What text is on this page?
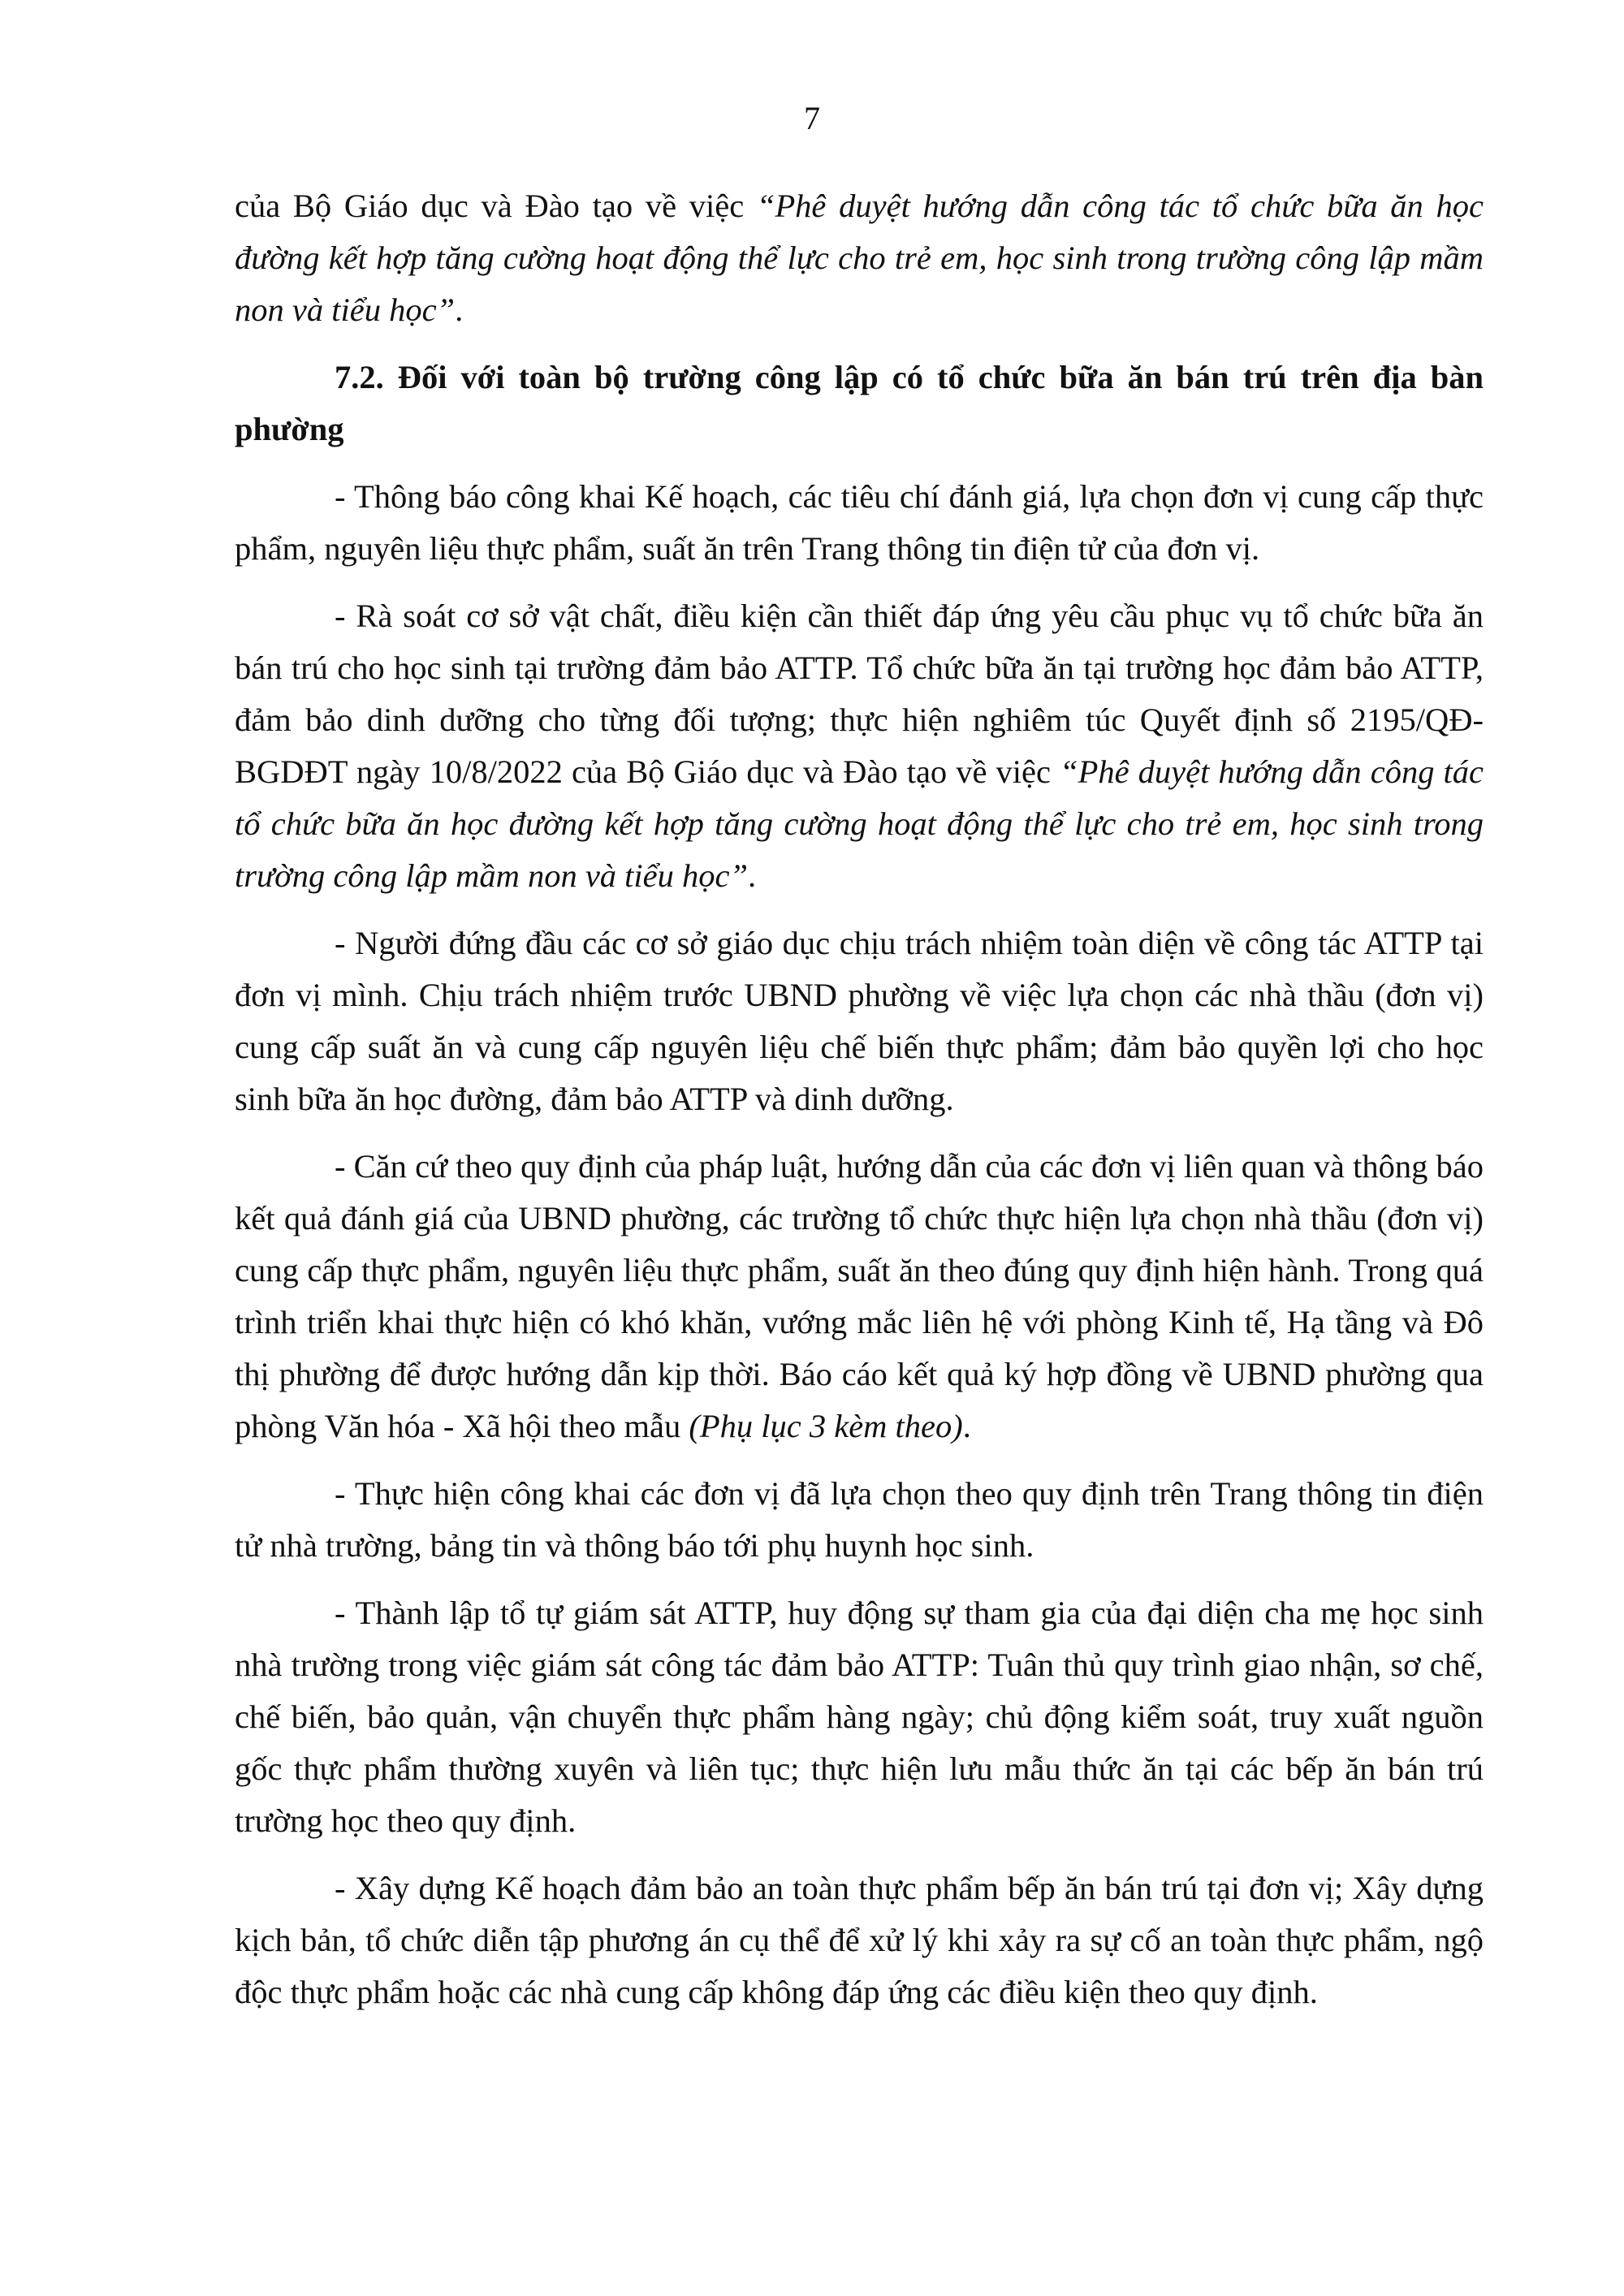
7

của Bộ Giáo dục và Đào tạo về việc “Phê duyệt hướng dẫn công tác tổ chức bữa ăn học đường kết hợp tăng cường hoạt động thể lực cho trẻ em, học sinh trong trường công lập mầm non và tiểu học”.

7.2. Đối với toàn bộ trường công lập có tổ chức bữa ăn bán trú trên địa bàn phường

- Thông báo công khai Kế hoạch, các tiêu chí đánh giá, lựa chọn đơn vị cung cấp thực phẩm, nguyên liệu thực phẩm, suất ăn trên Trang thông tin điện tử của đơn vị.

- Rà soát cơ sở vật chất, điều kiện cần thiết đáp ứng yêu cầu phục vụ tổ chức bữa ăn bán trú cho học sinh tại trường đảm bảo ATTP. Tổ chức bữa ăn tại trường học đảm bảo ATTP, đảm bảo dinh dưỡng cho từng đối tượng; thực hiện nghiêm túc Quyết định số 2195/QĐ-BGDĐT ngày 10/8/2022 của Bộ Giáo dục và Đào tạo về việc “Phê duyệt hướng dẫn công tác tổ chức bữa ăn học đường kết hợp tăng cường hoạt động thể lực cho trẻ em, học sinh trong trường công lập mầm non và tiểu học”.

- Người đứng đầu các cơ sở giáo dục chịu trách nhiệm toàn diện về công tác ATTP tại đơn vị mình. Chịu trách nhiệm trước UBND phường về việc lựa chọn các nhà thầu (đơn vị) cung cấp suất ăn và cung cấp nguyên liệu chế biến thực phẩm; đảm bảo quyền lợi cho học sinh bữa ăn học đường, đảm bảo ATTP và dinh dưỡng.

- Căn cứ theo quy định của pháp luật, hướng dẫn của các đơn vị liên quan và thông báo kết quả đánh giá của UBND phường, các trường tổ chức thực hiện lựa chọn nhà thầu (đơn vị) cung cấp thực phẩm, nguyên liệu thực phẩm, suất ăn theo đúng quy định hiện hành. Trong quá trình triển khai thực hiện có khó khăn, vướng mắc liên hệ với phòng Kinh tế, Hạ tầng và Đô thị phường để được hướng dẫn kịp thời. Báo cáo kết quả ký hợp đồng về UBND phường qua phòng Văn hóa - Xã hội theo mẫu (Phụ lục 3 kèm theo).

- Thực hiện công khai các đơn vị đã lựa chọn theo quy định trên Trang thông tin điện tử nhà trường, bảng tin và thông báo tới phụ huynh học sinh.

- Thành lập tổ tự giám sát ATTP, huy động sự tham gia của đại diện cha mẹ học sinh nhà trường trong việc giám sát công tác đảm bảo ATTP: Tuân thủ quy trình giao nhận, sơ chế, chế biến, bảo quản, vận chuyển thực phẩm hàng ngày; chủ động kiểm soát, truy xuất nguồn gốc thực phẩm thường xuyên và liên tục; thực hiện lưu mẫu thức ăn tại các bếp ăn bán trú trường học theo quy định.

- Xây dựng Kế hoạch đảm bảo an toàn thực phẩm bếp ăn bán trú tại đơn vị; Xây dựng kịch bản, tổ chức diễn tập phương án cụ thể để xử lý khi xảy ra sự cố an toàn thực phẩm, ngộ độc thực phẩm hoặc các nhà cung cấp không đáp ứng các điều kiện theo quy định.
